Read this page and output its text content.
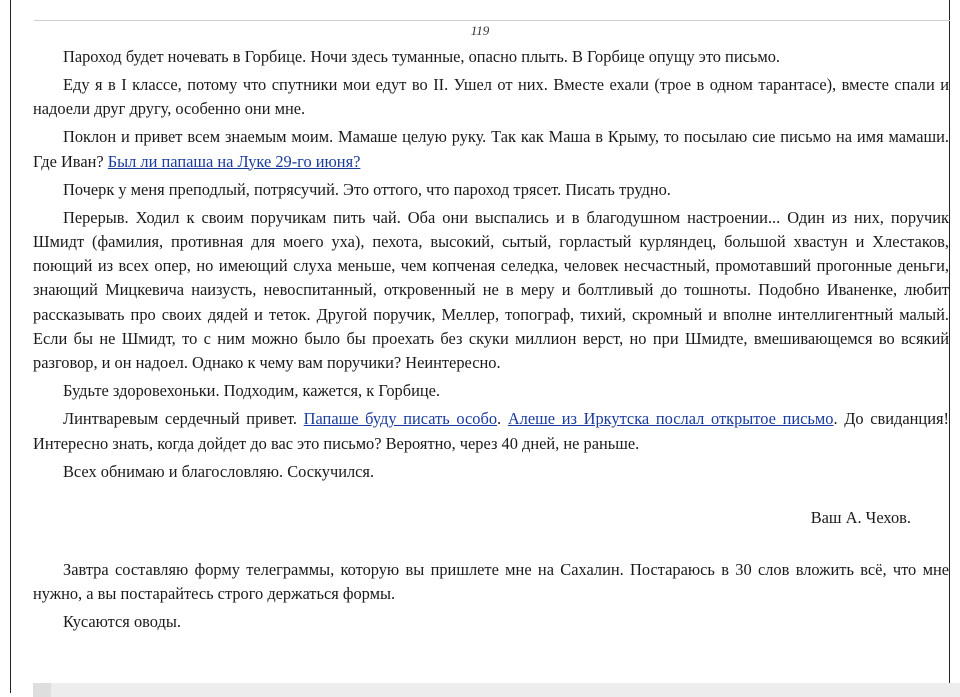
119

Пароход будет ночевать в Горбице. Ночи здесь туманные, опасно плыть. В Горбице опущу это письмо.

Еду я в I классе, потому что спутники мои едут во II. Ушел от них. Вместе ехали (трое в одном тарантасе), вместе спали и надоели друг другу, особенно они мне.

Поклон и привет всем знаемым моим. Мамаше целую руку. Так как Маша в Крыму, то посылаю сие письмо на имя мамаши. Где Иван? Был ли папаша на Луке 29-го июня?

Почерк у меня преподлый, потрясучий. Это оттого, что пароход трясет. Писать трудно.

Перерыв. Ходил к своим поручикам пить чай. Оба они выспались и в благодушном настроении... Один из них, поручик Шмидт (фамилия, противная для моего уха), пехота, высокий, сытый, горластый курляндец, большой хвастун и Хлестаков, поющий из всех опер, но имеющий слуха меньше, чем копченая селедка, человек несчастный, промотавший прогонные деньги, знающий Мицкевича наизусть, невоспитанный, откровенный не в меру и болтливый до тошноты. Подобно Иваненке, любит рассказывать про своих дядей и теток. Другой поручик, Меллер, топограф, тихий, скромный и вполне интеллигентный малый. Если бы не Шмидт, то с ним можно было бы проехать без скуки миллион верст, но при Шмидте, вмешивающемся во всякий разговор, и он надоел. Однако к чему вам поручики? Неинтересно.

Будьте здоровехоньки. Подходим, кажется, к Горбице.

Линтваревым сердечный привет. Папаше буду писать особо. Алеше из Иркутска послал открытое письмо. До свиданция! Интересно знать, когда дойдет до вас это письмо? Вероятно, через 40 дней, не раньше.

Всех обнимаю и благословляю. Соскучился.

Ваш А. Чехов.

Завтра составляю форму телеграммы, которую вы пришлете мне на Сахалин. Постараюсь в 30 слов вложить всё, что мне нужно, а вы постарайтесь строго держаться формы.

Кусаются оводы.
